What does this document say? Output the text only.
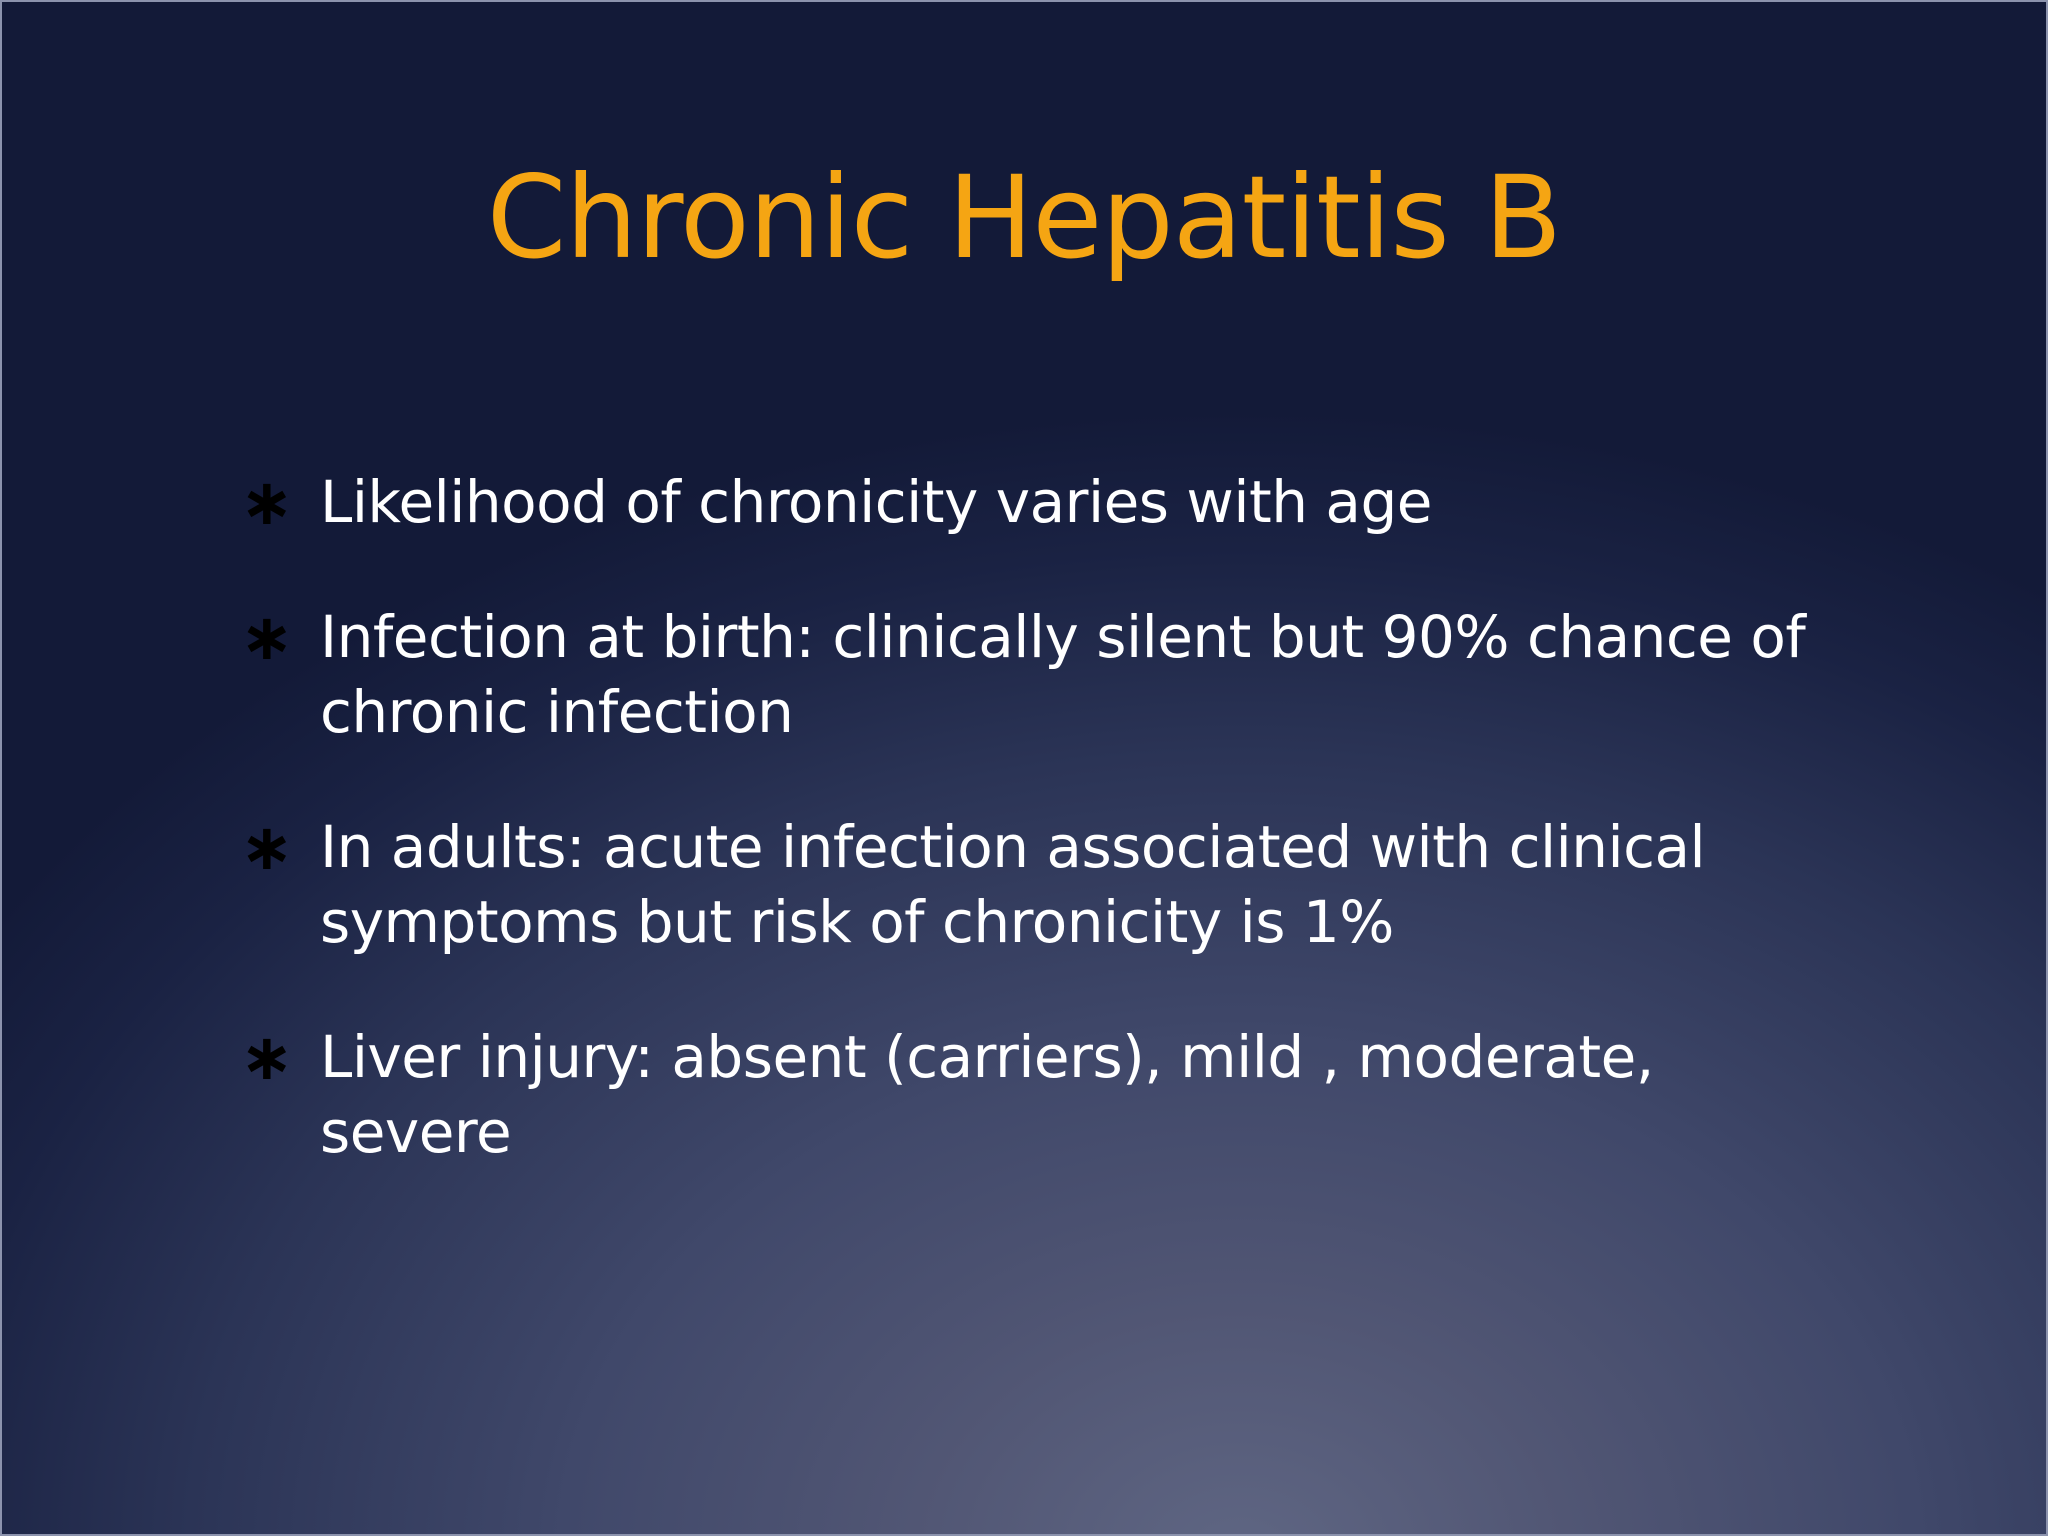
Chronic Hepatitis B
∗ Likelihood of chronicity varies with age
∗ Infection at birth: clinically silent but 90% chance of chronic infection
∗ In adults: acute infection associated with clinical symptoms but risk of chronicity is 1%
∗ Liver injury: absent (carriers), mild , moderate, severe
